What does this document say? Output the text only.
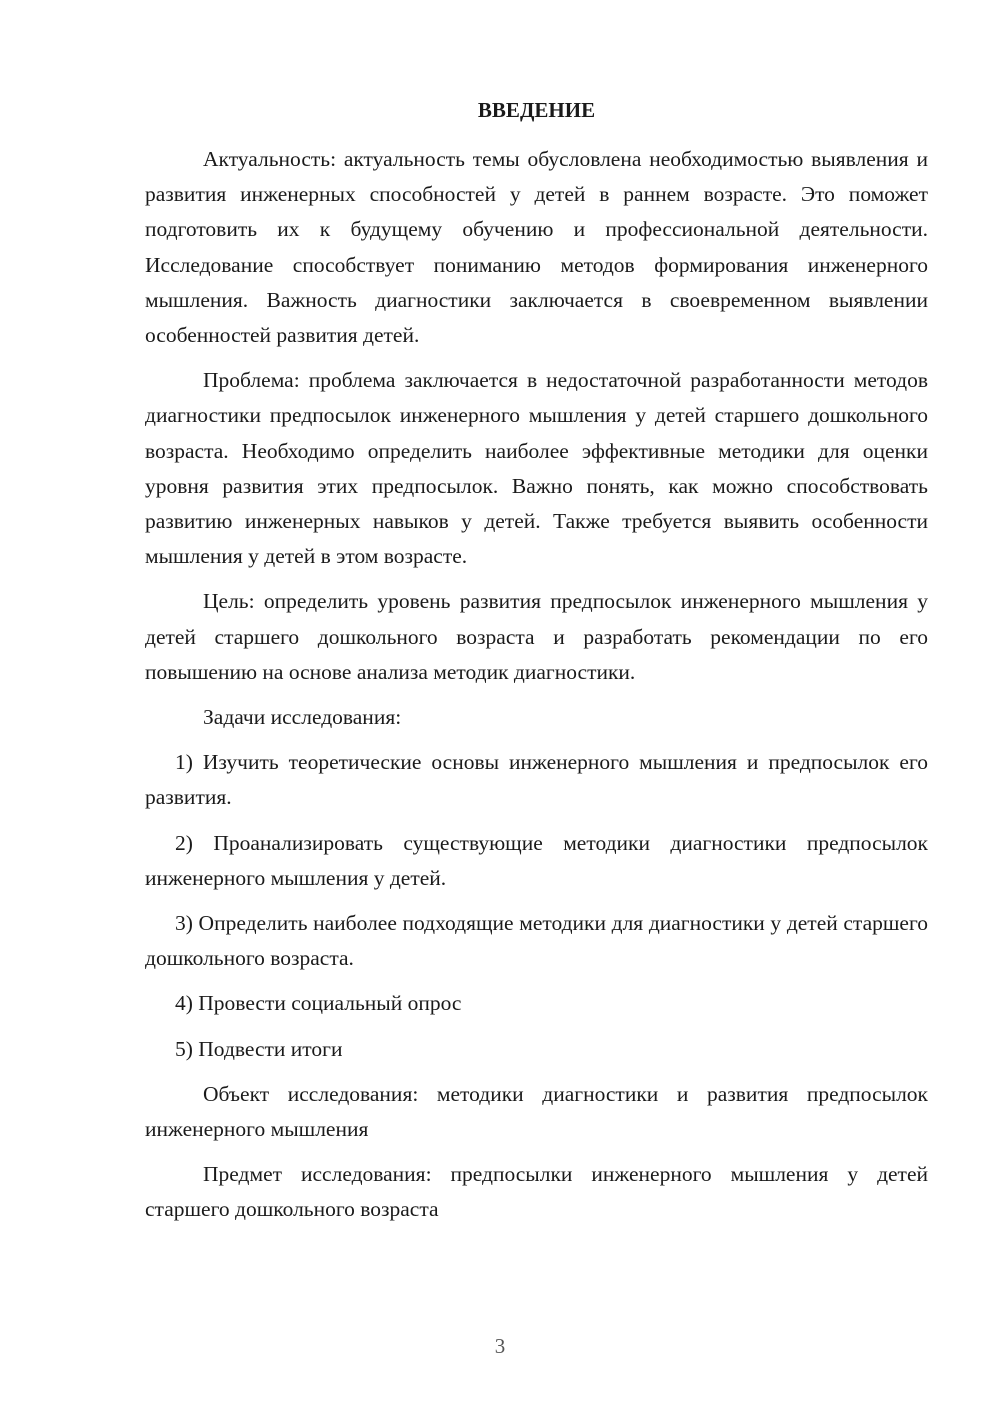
ВВЕДЕНИЕ

Актуальность: актуальность темы обусловлена необходимостью выявления и развития инженерных способностей у детей в раннем возрасте. Это поможет подготовить их к будущему обучению и профессиональной деятельности. Исследование способствует пониманию методов формирования инженерного мышления. Важность диагностики заключается в своевременном выявлении особенностей развития детей.

Проблема: проблема заключается в недостаточной разработанности методов диагностики предпосылок инженерного мышления у детей старшего дошкольного возраста. Необходимо определить наиболее эффективные методики для оценки уровня развития этих предпосылок. Важно понять, как можно способствовать развитию инженерных навыков у детей. Также требуется выявить особенности мышления у детей в этом возрасте.

Цель: определить уровень развития предпосылок инженерного мышления у детей старшего дошкольного возраста и разработать рекомендации по его повышению на основе анализа методик диагностики.

Задачи исследования:

1) Изучить теоретические основы инженерного мышления и предпосылок его развития.

2) Проанализировать существующие методики диагностики предпосылок инженерного мышления у детей.

3) Определить наиболее подходящие методики для диагностики у детей старшего дошкольного возраста.

4) Провести социальный опрос

5) Подвести итоги

Объект исследования: методики диагностики и развития предпосылок инженерного мышления

Предмет исследования: предпосылки инженерного мышления у детей старшего дошкольного возраста

3
